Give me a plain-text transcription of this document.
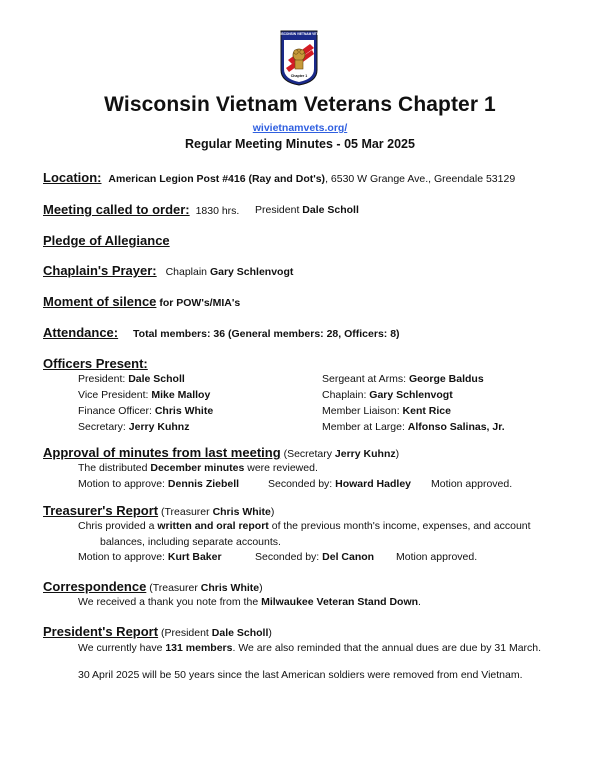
WISCONSIN VIETNAM VETS
Chapter 1
Wisconsin Vietnam Veterans Chapter 1
wivietnamvets.org/
Regular Meeting Minutes - 05 Mar 2025
Location: American Legion Post #416 (Ray and Dot's), 6530 W Grange Ave., Greendale 53129
Meeting called to order: 1830 hrs. President Dale Scholl
Pledge of Allegiance
Chaplain's Prayer: Chaplain Gary Schlenvogt
Moment of silence for POW's/MIA's
Attendance: Total members: 36 (General members: 28, Officers: 8)
Officers Present:
President: Dale Scholl
Vice President: Mike Malloy
Finance Officer: Chris White
Secretary: Jerry Kuhnz
Sergeant at Arms: George Baldus
Chaplain: Gary Schlenvogt
Member Liaison: Kent Rice
Member at Large: Alfonso Salinas, Jr.
Approval of minutes from last meeting (Secretary Jerry Kuhnz)
The distributed December minutes were reviewed.
Motion to approve: Dennis Ziebell	Seconded by: Howard Hadley Motion approved.
Treasurer's Report (Treasurer Chris White)
Chris provided a written and oral report of the previous month's income, expenses, and account
balances, including separate accounts.
Motion to approve: Kurt Baker	Seconded by: Del Canon Motion approved.
Correspondence (Treasurer Chris White)
We received a thank you note from the Milwaukee Veteran Stand Down.
President's Report (President Dale Scholl)
We currently have 131 members. We are also reminded that the annual dues are due by 31 March.
30 April 2025 will be 50 years since the last American soldiers were removed from end Vietnam.
